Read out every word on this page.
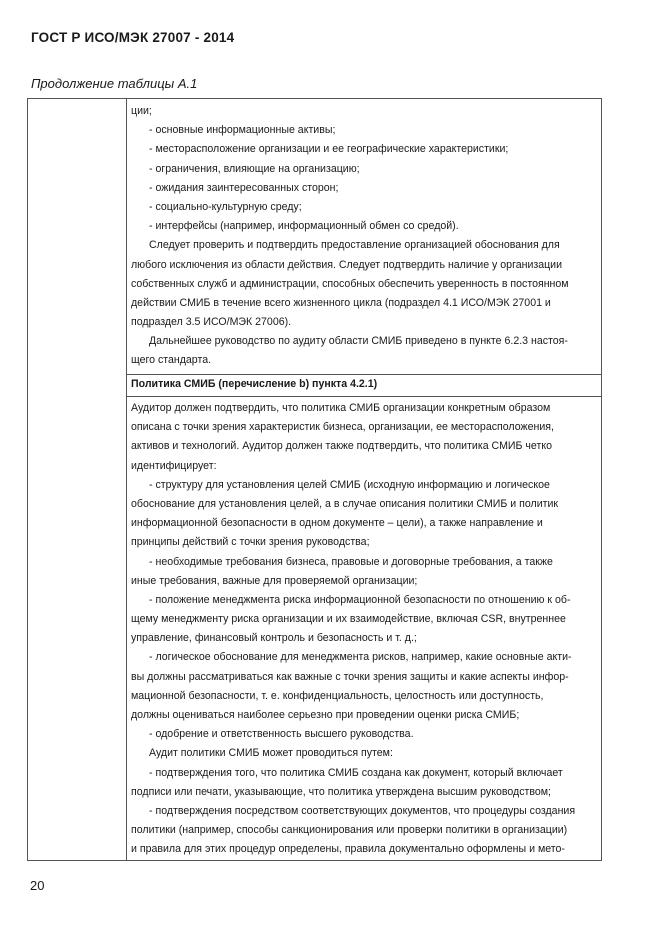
ГОСТ Р ИСО/МЭК 27007 - 2014
Продолжение таблицы А.1
ции;
- основные информационные активы;
- месторасположение организации и ее географические характеристики;
- ограничения, влияющие на организацию;
- ожидания заинтересованных сторон;
- социально-культурную среду;
- интерфейсы (например, информационный обмен со средой).
Следует проверить и подтвердить предоставление организацией обоснования для
любого исключения из области действия. Следует подтвердить наличие у организации
собственных служб и администрации, способных обеспечить уверенность в постоянном
действии СМИБ в течение всего жизненного цикла (подраздел 4.1 ИСО/МЭК 27001 и
подраздел 3.5 ИСО/МЭК 27006).
Дальнейшее руководство по аудиту области СМИБ приведено в пункте 6.2.3 настоя-
щего стандарта.
Политика СМИБ (перечисление b) пункта 4.2.1)
Аудитор должен подтвердить, что политика СМИБ организации конкретным образом
описана с точки зрения характеристик бизнеса, организации, ее месторасположения,
активов и технологий. Аудитор должен также подтвердить, что политика СМИБ четко
идентифицирует:
- структуру для установления целей СМИБ (исходную информацию и логическое
обоснование для установления целей, а в случае описания политики СМИБ и политик
информационной безопасности в одном документе – цели), а также направление и
принципы действий с точки зрения руководства;
- необходимые требования бизнеса, правовые и договорные требования, а также
иные требования, важные для проверяемой организации;
- положение менеджмента риска информационной безопасности по отношению к об-
щему менеджменту риска организации и их взаимодействие, включая CSR, внутреннее
управление, финансовый контроль и безопасность и т. д.;
- логическое обоснование для менеджмента рисков, например, какие основные акти-
вы должны рассматриваться как важные с точки зрения защиты и какие аспекты инфор-
мационной безопасности, т. е. конфиденциальность, целостность или доступность,
должны оцениваться наиболее серьезно при проведении оценки риска СМИБ;
- одобрение и ответственность высшего руководства.
Аудит политики СМИБ может проводиться путем:
- подтверждения того, что политика СМИБ создана как документ, который включает
подписи или печати, указывающие, что политика утверждена высшим руководством;
- подтверждения посредством соответствующих документов, что процедуры создания
политики (например, способы санкционирования или проверки политики в организации)
и правила для этих процедур определены, правила документально оформлены и мето-
20
